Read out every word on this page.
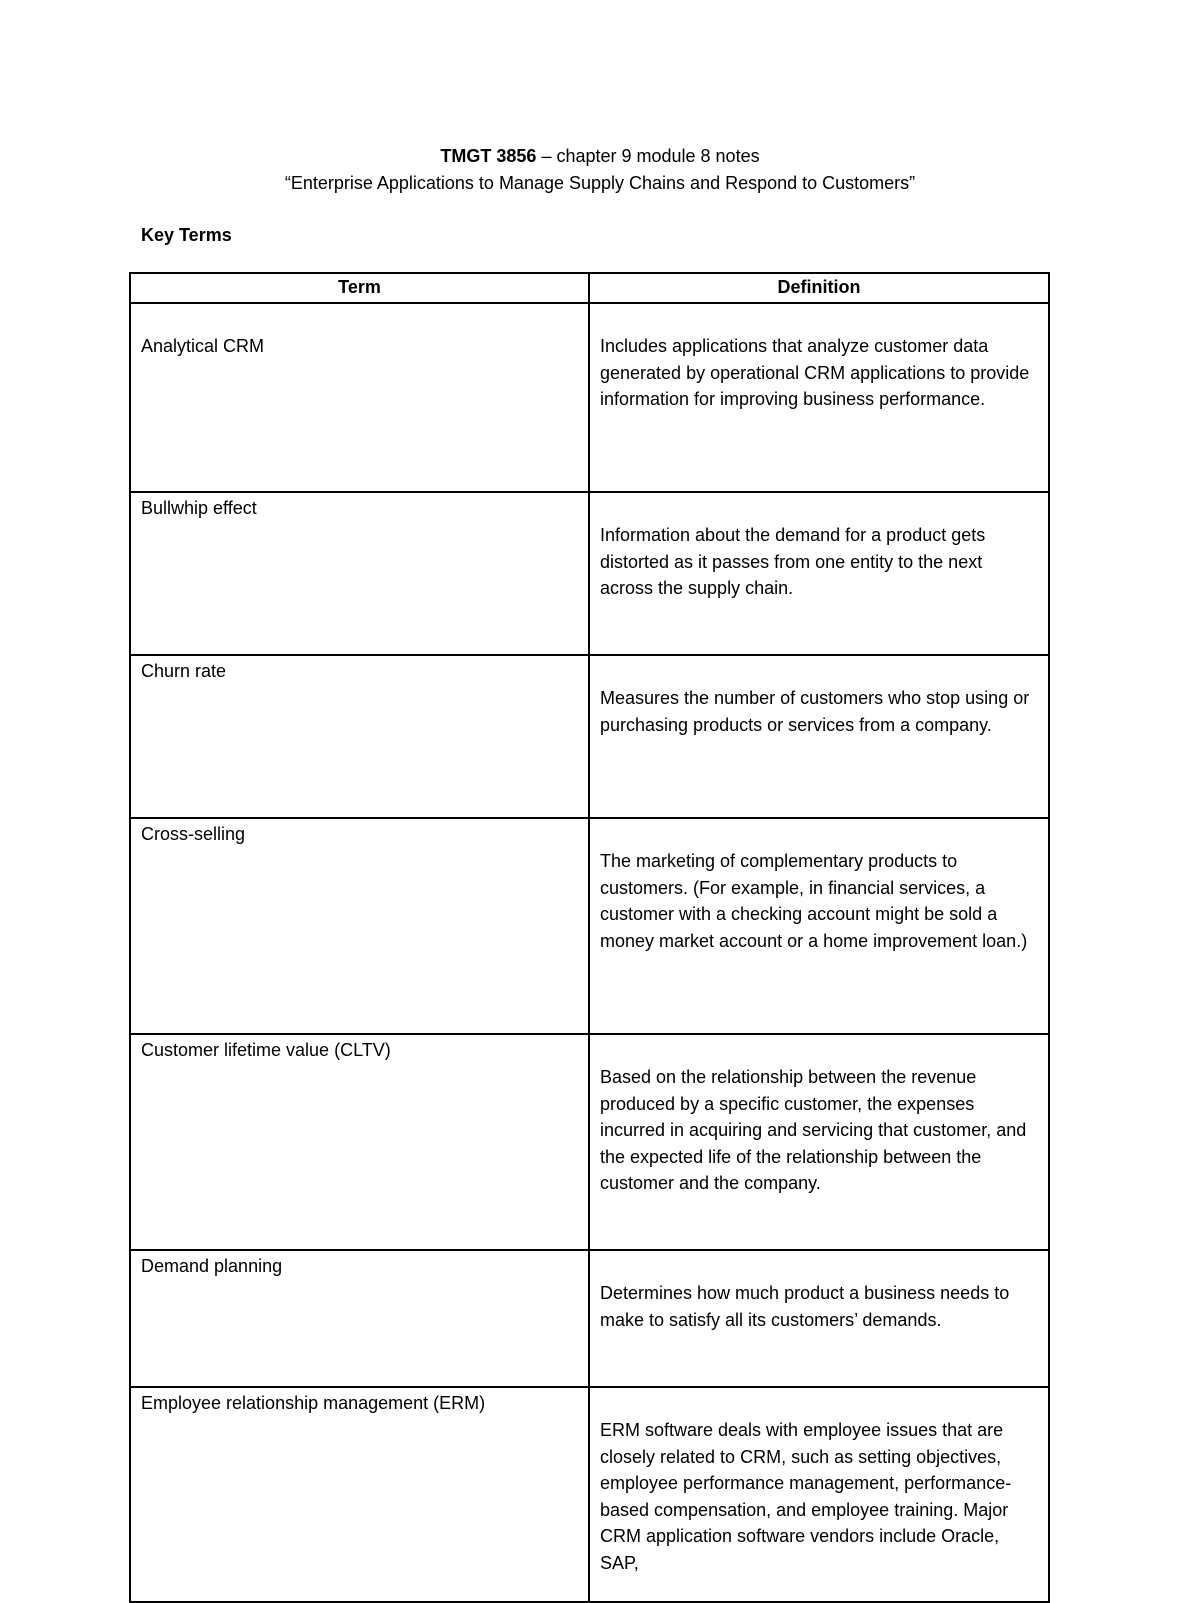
TMGT 3856 – chapter 9 module 8 notes
“Enterprise Applications to Manage Supply Chains and Respond to Customers”
Key Terms
Term	Definition
Analytical CRM	Includes applications that analyze customer data generated by operational CRM applications to provide information for improving business performance.
Bullwhip effect	Information about the demand for a product gets distorted as it passes from one entity to the next across the supply chain.
Churn rate	Measures the number of customers who stop using or purchasing products or services from a company.
Cross-selling	The marketing of complementary products to customers. (For example, in financial services, a customer with a checking account might be sold a money market account or a home improvement loan.)
Customer lifetime value (CLTV)	Based on the relationship between the revenue produced by a specific customer, the expenses incurred in acquiring and servicing that customer, and the expected life of the relationship between the customer and the company.
Demand planning	Determines how much product a business needs to make to satisfy all its customers’ demands.
Employee relationship management (ERM)	ERM software deals with employee issues that are closely related to CRM, such as setting objectives, employee performance management, performance- based compensation, and employee training. Major CRM application software vendors include Oracle, SAP,
